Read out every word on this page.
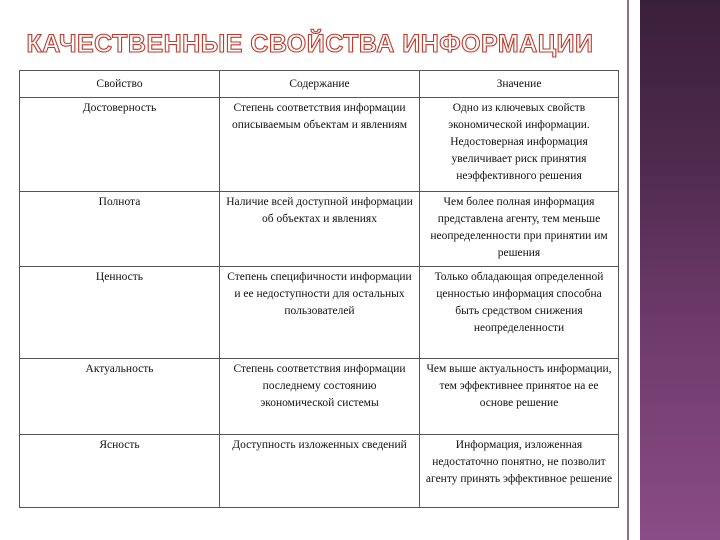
КАЧЕСТВЕННЫЕ СВОЙСТВА ИНФОРМАЦИИ
Свойство	Содержание	Значение
Достоверность	Степень соответствия информации описываемым объектам и явлениям	Одно из ключевых свойств экономической информации. Недостоверная информация увеличивает риск принятия неэффективного решения
Полнота	Наличие всей доступной информации об объектах и явлениях	Чем более полная информация представлена агенту, тем меньше неопределенности при принятии им решения
Ценность	Степень специфичности информации и ее недоступности для остальных пользователей	Только обладающая определенной ценностью информация способна быть средством снижения неопределенности
Актуальность	Степень соответствия информации последнему состоянию экономической системы	Чем выше актуальность информации, тем эффективнее принятое на ее основе решение
Ясность	Доступность изложенных сведений	Информация, изложенная недостаточно понятно, не позволит агенту принять эффективное решение
